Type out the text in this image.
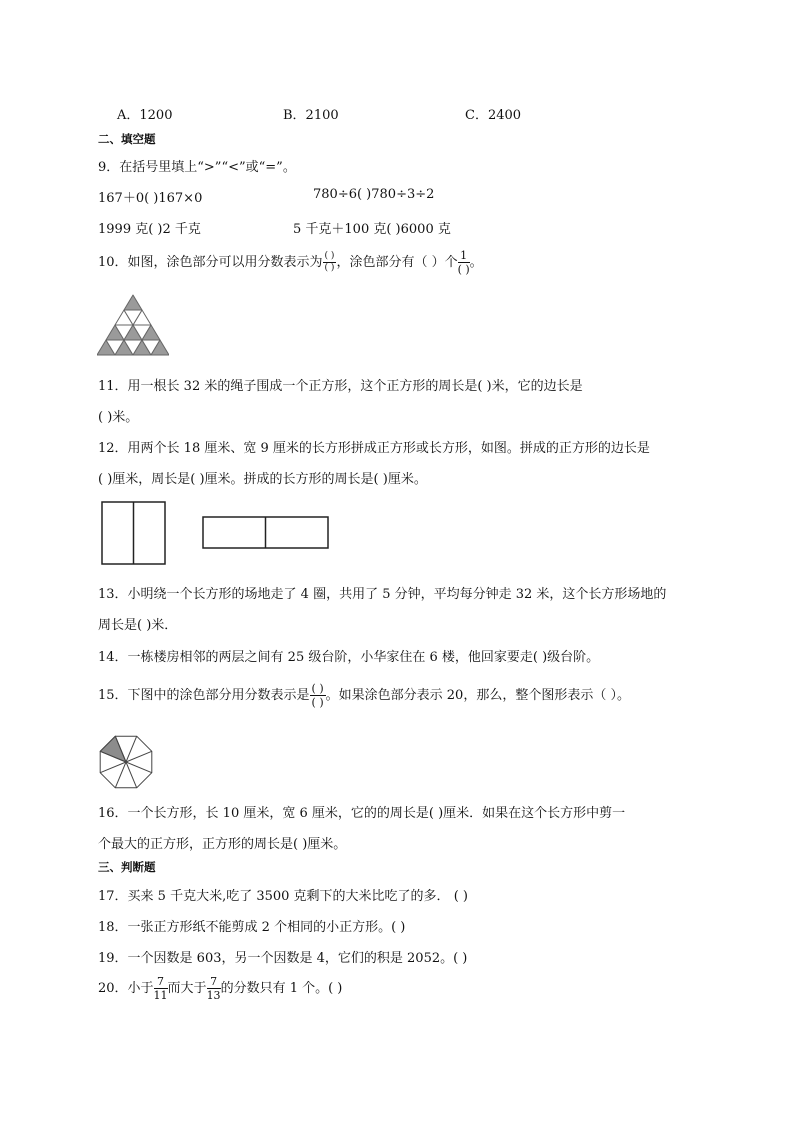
A．1200	B．2100	C．2400
二、填空题
9．在括号里填上“>”“<”或“=”。
167＋0( )167×0	780÷6( )780÷3÷2
1999 克( )2 千克	5 千克＋100 克( )6000 克
10．如图，涂色部分可以用分数表示为 $\frac{( )}{( )}$ ，涂色部分有（ ）个 $\frac{1}{( )}$ 。
11．用一根长 32 米的绳子围成一个正方形，这个正方形的周长是( )米，它的边长是
( )米。
12．用两个长 18 厘米、宽 9 厘米的长方形拼成正方形或长方形，如图。拼成的正方形的边长是
( )厘米，周长是( )厘米。拼成的长方形的周长是( )厘米。
13．小明绕一个长方形的场地走了 4 圈，共用了 5 分钟，平均每分钟走 32 米，这个长方形场地的
周长是( )米．
14．一栋楼房相邻的两层之间有 25 级台阶，小华家住在 6 楼，他回家要走( )级台阶。
15．下图中的涂色部分用分数表示是 $\frac{( )}{( )}$ 。如果涂色部分表示 20，那么，整个图形表示（ ）。
16．一个长方形，长 10 厘米，宽 6 厘米，它的的周长是( )厘米．如果在这个长方形中剪一
个最大的正方形，正方形的周长是( )厘米。
三、判断题
17．买来 5 千克大米,吃了 3500 克剩下的大米比吃了的多． ( )
18．一张正方形纸不能剪成 2 个相同的小正方形。( )
19．一个因数是 603，另一个因数是 4，它们的积是 2052。( )
20．小于 $\frac{7}{11}$ 而大于 $\frac{7}{13}$ 的分数只有 1 个。( )
